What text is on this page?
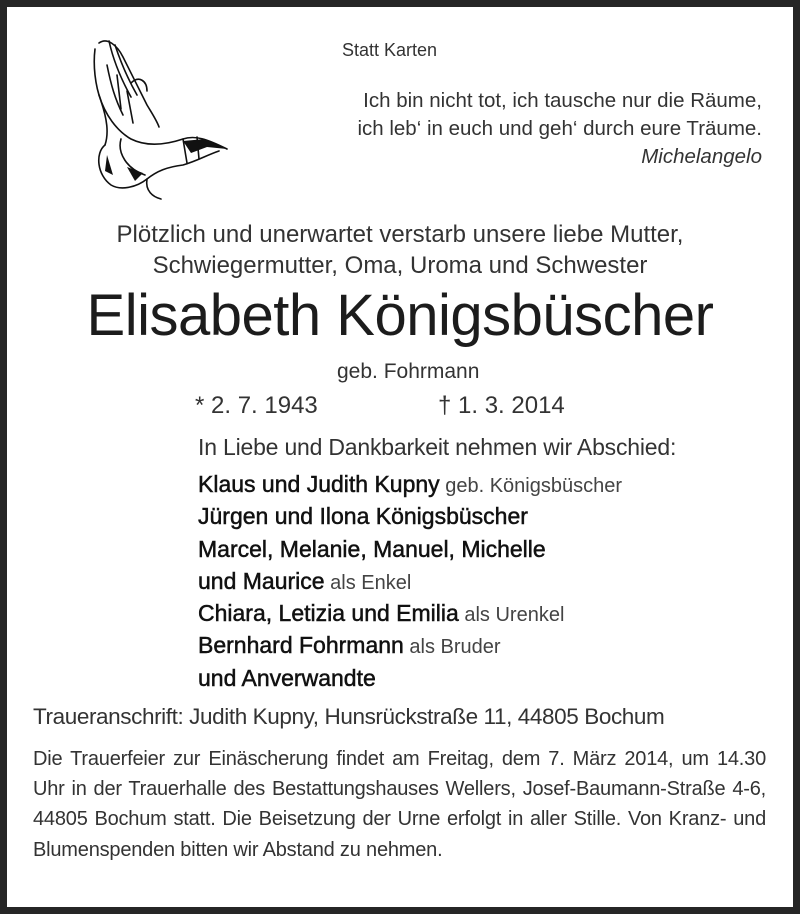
Statt Karten
Ich bin nicht tot, ich tausche nur die Räume,
ich leb‘ in euch und geh‘ durch eure Träume.
Michelangelo
Plötzlich und unerwartet verstarb unsere liebe Mutter,
Schwiegermutter, Oma, Uroma und Schwester
Elisabeth Königsbüscher
geb. Fohrmann
* 2. 7. 1943	† 1. 3. 2014
In Liebe und Dankbarkeit nehmen wir Abschied:
Klaus und Judith Kupny geb. Königsbüscher
Jürgen und Ilona Königsbüscher
Marcel, Melanie, Manuel, Michelle
und Maurice als Enkel
Chiara, Letizia und Emilia als Urenkel
Bernhard Fohrmann als Bruder
und Anverwandte
Traueranschrift: Judith Kupny, Hunsrückstraße 11, 44805 Bochum
Die Trauerfeier zur Einäscherung findet am Freitag, dem 7. März 2014, um 14.30 Uhr in der Trauerhalle des Bestattungshauses Wellers, Josef-Baumann-Straße 4-6, 44805 Bochum statt. Die Beisetzung der Urne erfolgt in aller Stille. Von Kranz- und Blumenspenden bitten wir Abstand zu nehmen.
